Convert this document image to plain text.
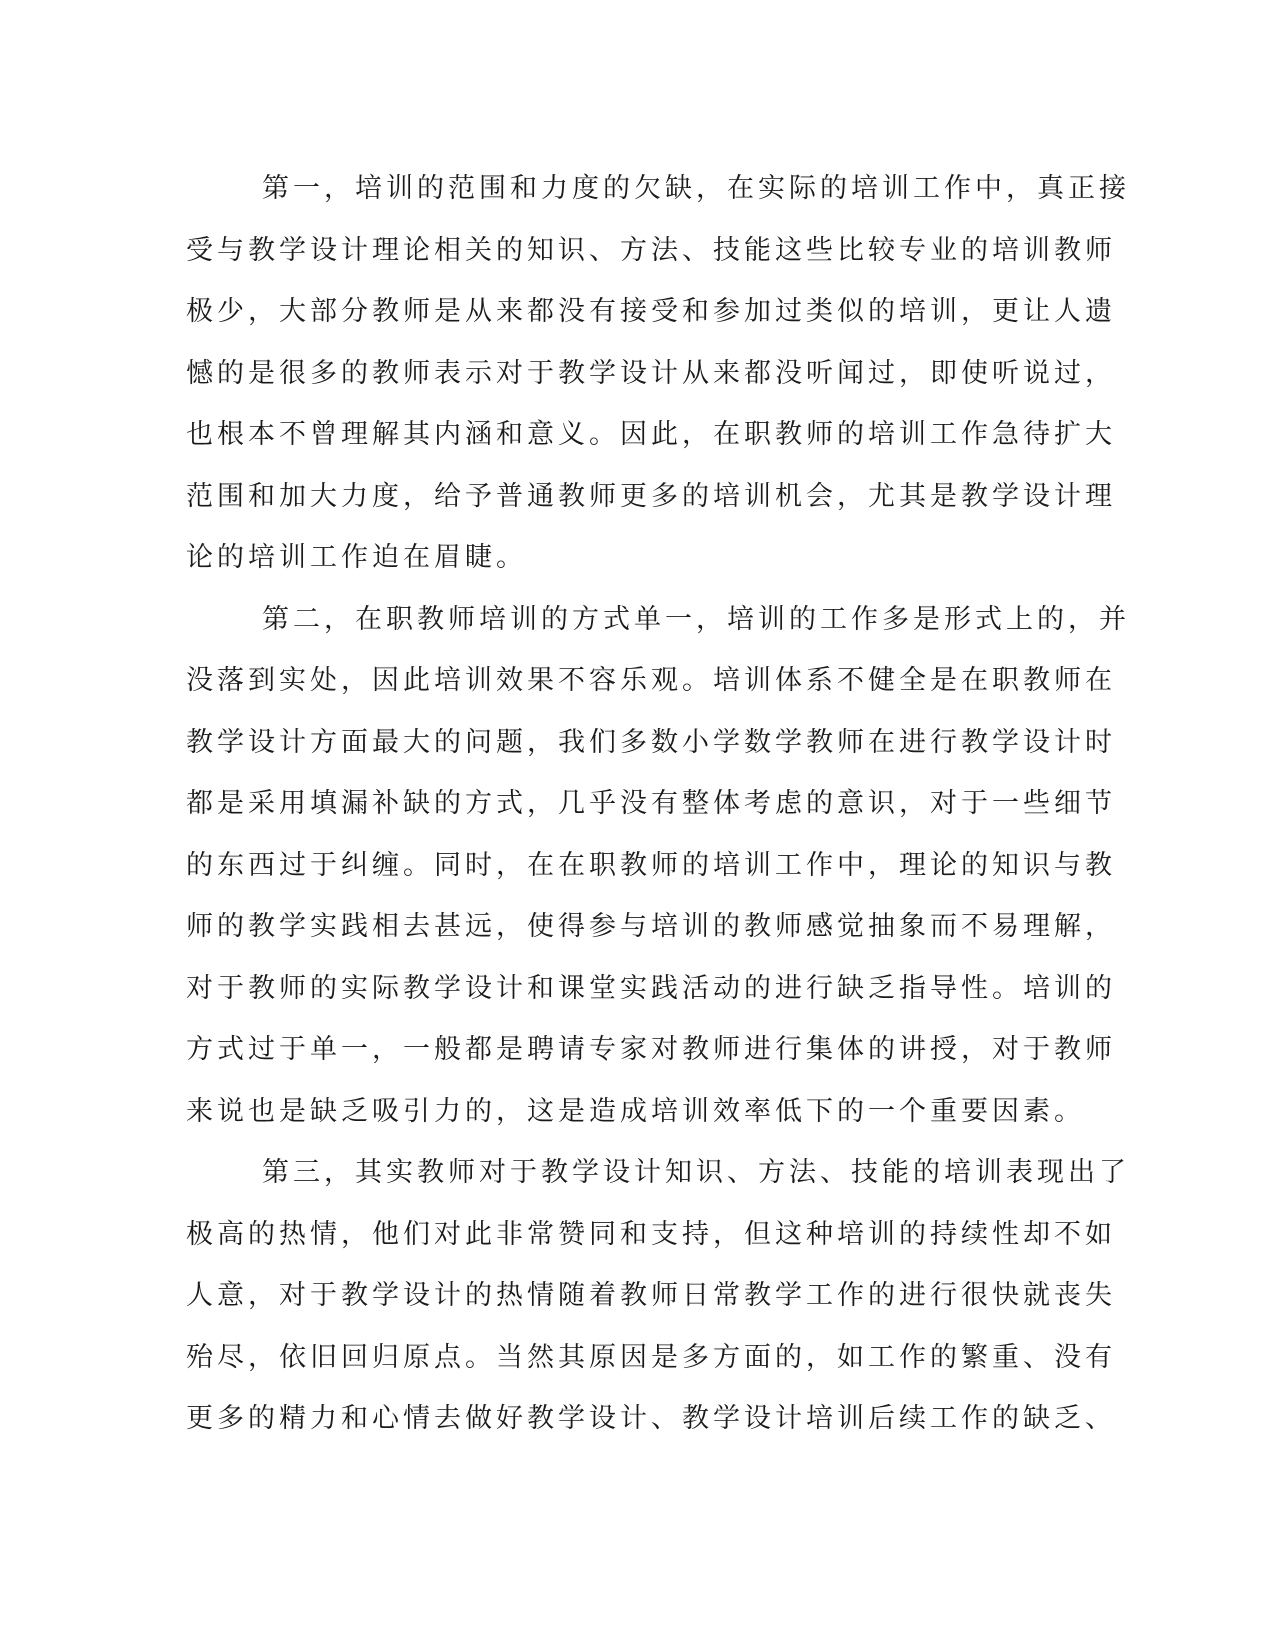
第一，培训的范围和力度的欠缺，在实际的培训工作中，真正接
受与教学设计理论相关的知识、方法、技能这些比较专业的培训教师
极少，大部分教师是从来都没有接受和参加过类似的培训，更让人遗
憾的是很多的教师表示对于教学设计从来都没听闻过，即使听说过，
也根本不曾理解其内涵和意义。因此，在职教师的培训工作急待扩大
范围和加大力度，给予普通教师更多的培训机会，尤其是教学设计理
论的培训工作迫在眉睫。
第二，在职教师培训的方式单一，培训的工作多是形式上的，并
没落到实处，因此培训效果不容乐观。培训体系不健全是在职教师在
教学设计方面最大的问题，我们多数小学数学教师在进行教学设计时
都是采用填漏补缺的方式，几乎没有整体考虑的意识，对于一些细节
的东西过于纠缠。同时，在在职教师的培训工作中，理论的知识与教
师的教学实践相去甚远，使得参与培训的教师感觉抽象而不易理解，
对于教师的实际教学设计和课堂实践活动的进行缺乏指导性。培训的
方式过于单一，一般都是聘请专家对教师进行集体的讲授，对于教师
来说也是缺乏吸引力的，这是造成培训效率低下的一个重要因素。
第三，其实教师对于教学设计知识、方法、技能的培训表现出了
极高的热情，他们对此非常赞同和支持，但这种培训的持续性却不如
人意，对于教学设计的热情随着教师日常教学工作的进行很快就丧失
殆尽，依旧回归原点。当然其原因是多方面的，如工作的繁重、没有
更多的精力和心情去做好教学设计、教学设计培训后续工作的缺乏、
